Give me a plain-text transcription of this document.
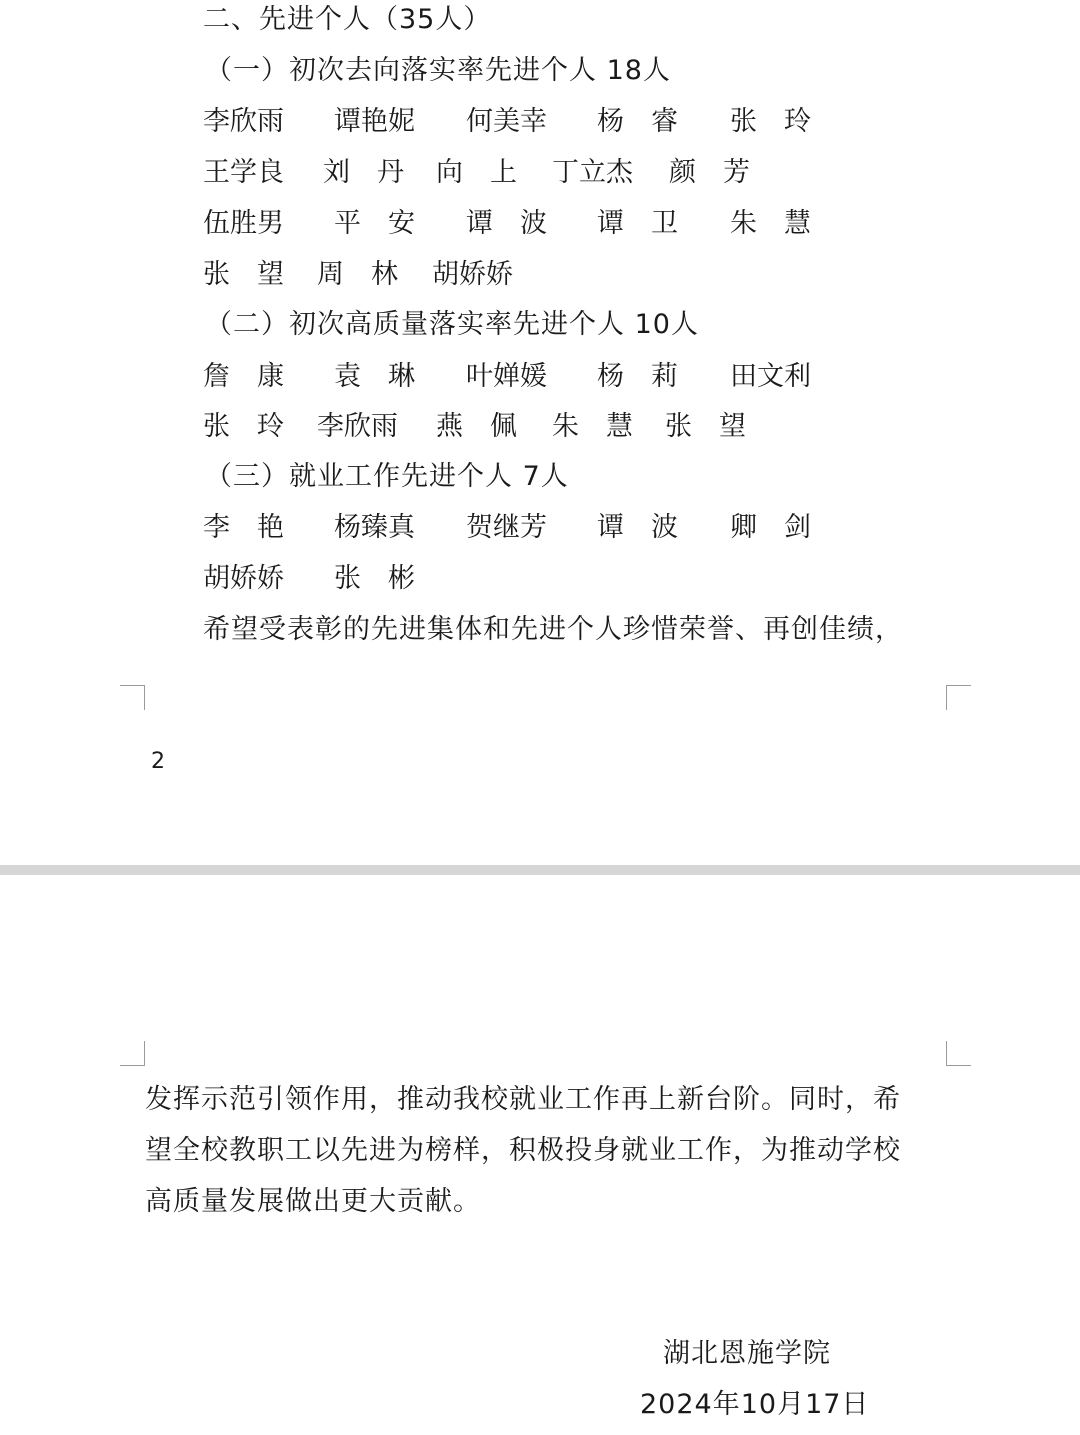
二、先进个人（35人）
（一）初次去向落实率先进个人 18人
李欣雨 谭艳妮 何美幸 杨　睿 张　玲
王学良 刘　丹 向　上 丁立杰 颜　芳
伍胜男 平　安 谭　波 谭　卫 朱　慧
张　望 周　林 胡娇娇
（二）初次高质量落实率先进个人 10人
詹　康 袁　琳 叶婵媛 杨　莉 田文利
张　玲 李欣雨 燕　佩 朱　慧 张　望
（三）就业工作先进个人 7人
李　艳 杨臻真 贺继芳 谭　波 卿　剑
胡娇娇 张　彬
希望受表彰的先进集体和先进个人珍惜荣誉、再创佳绩，
2
发挥示范引领作用，推动我校就业工作再上新台阶。同时，希
望全校教职工以先进为榜样，积极投身就业工作，为推动学校
高质量发展做出更大贡献。
湖北恩施学院
2024年10月17日
